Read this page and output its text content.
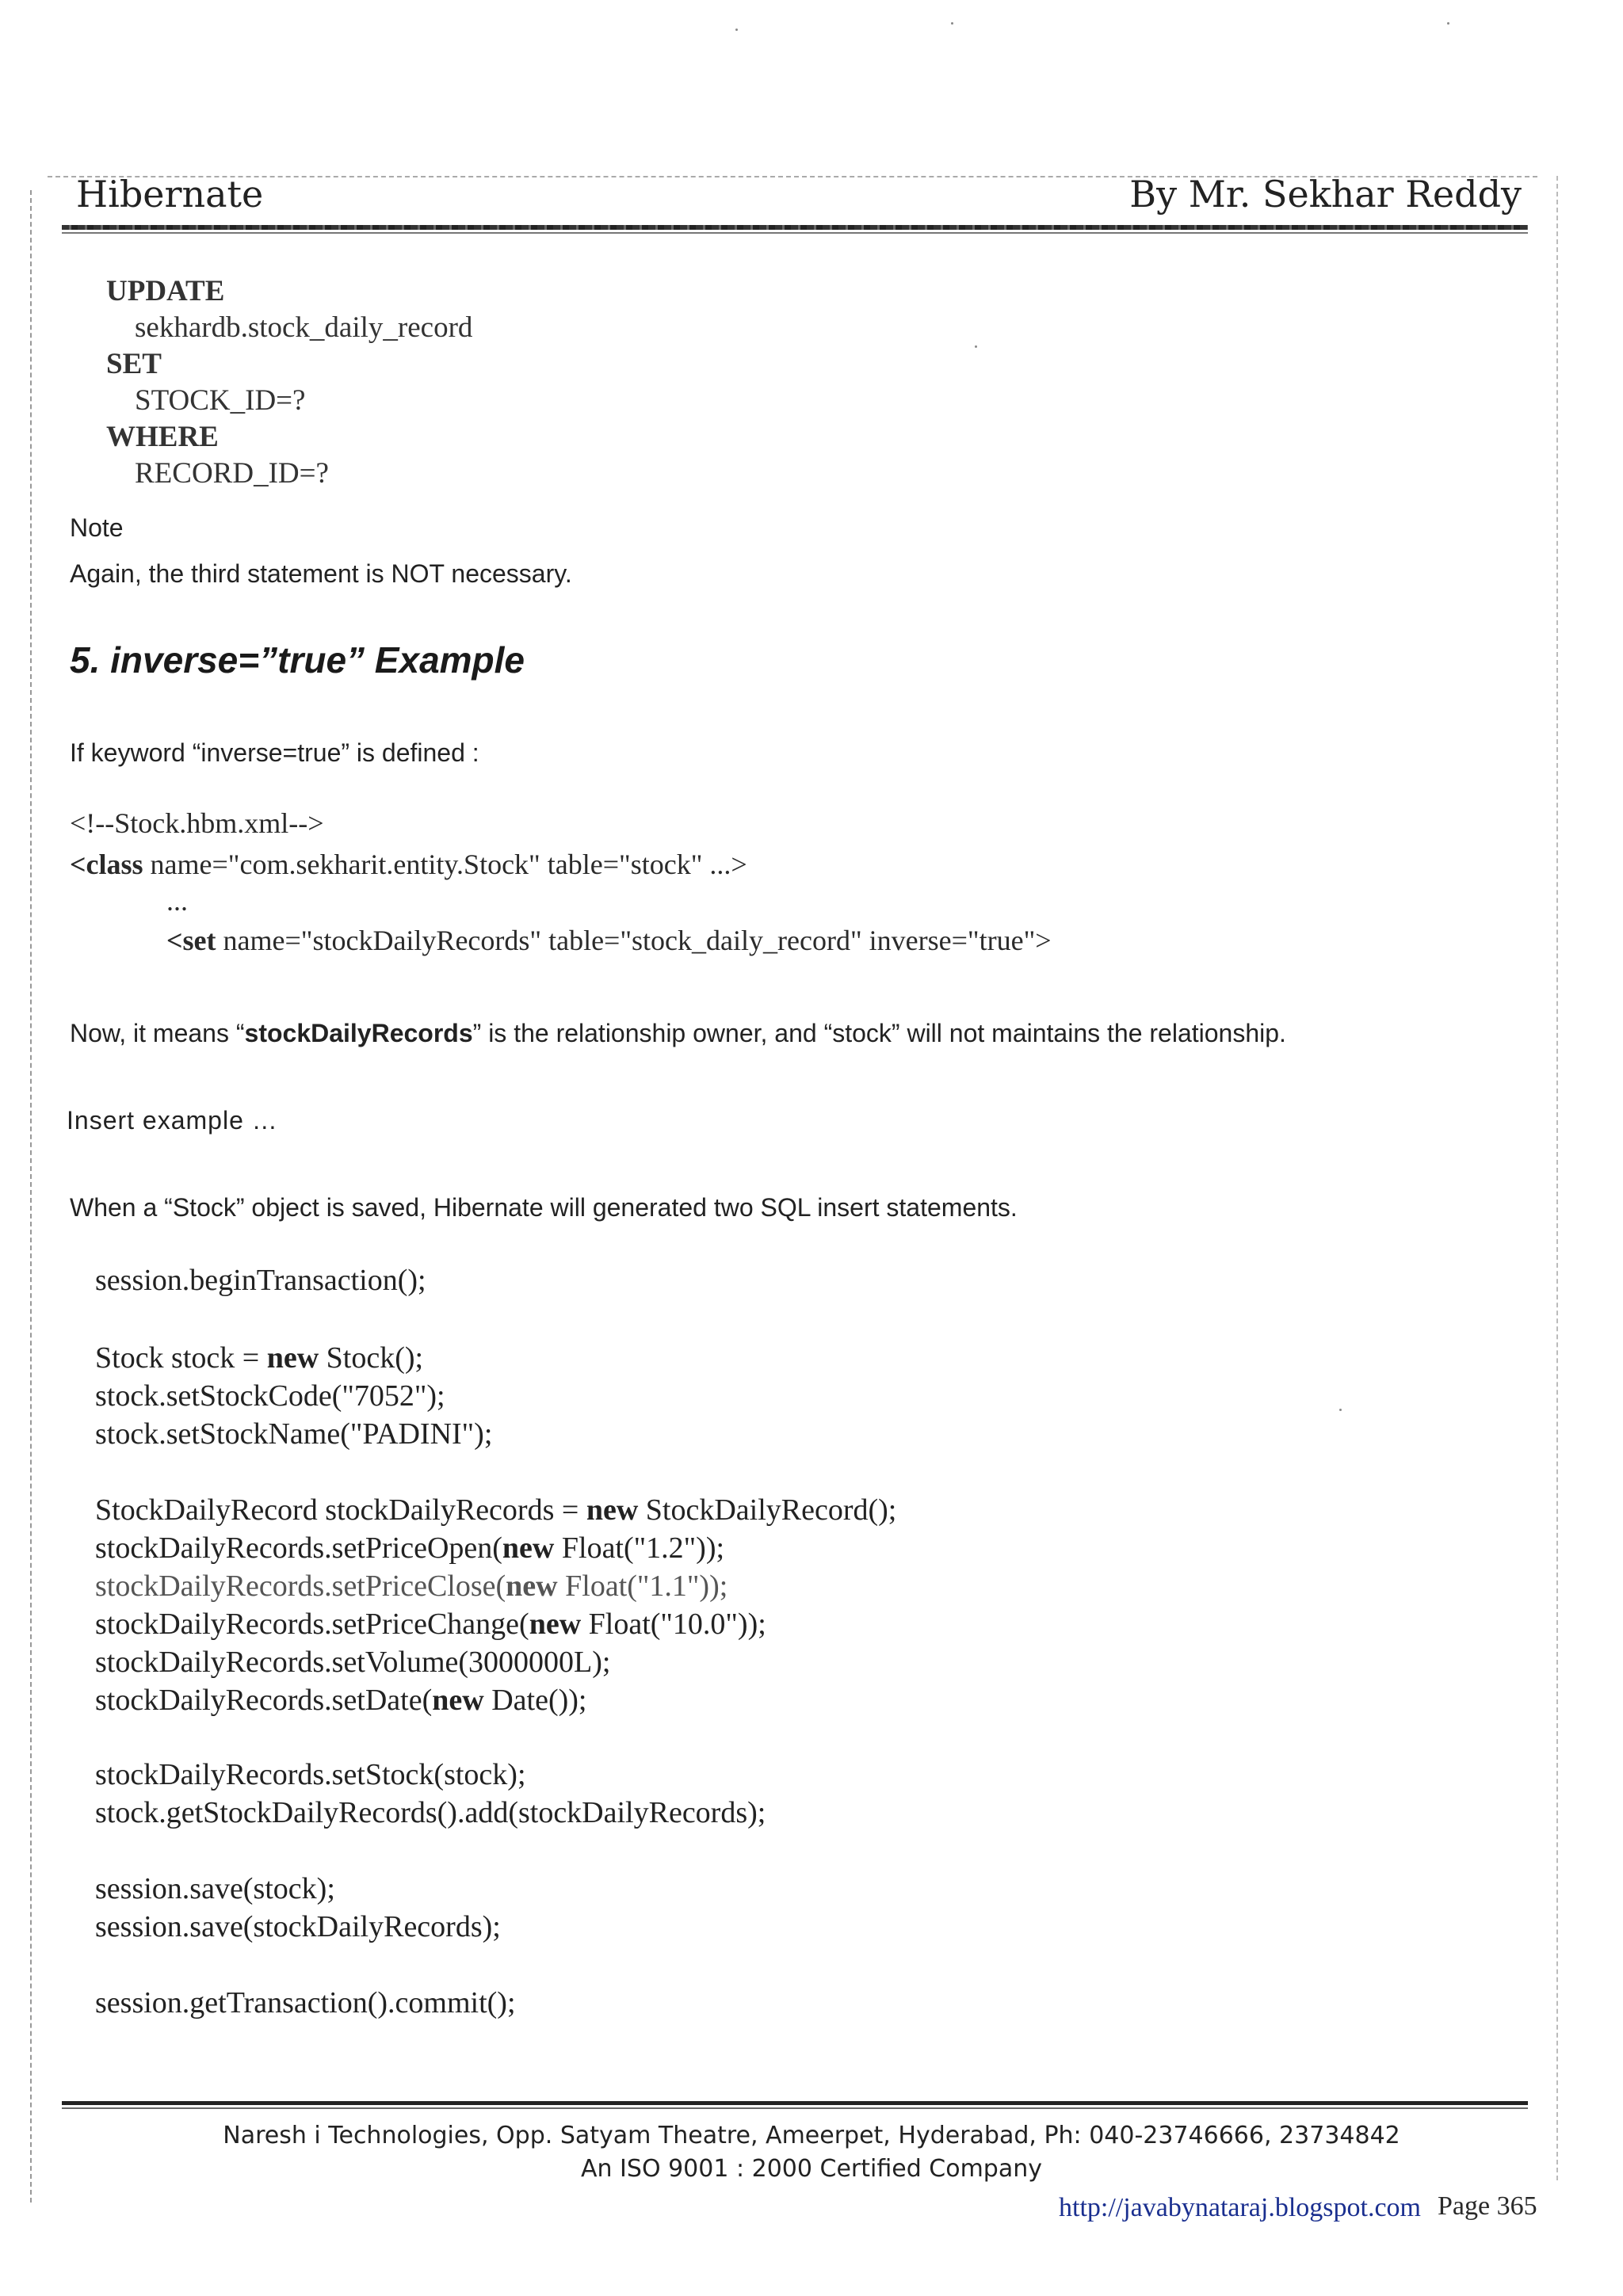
Hibernate	By Mr. Sekhar Reddy
UPDATE
sekhardb.stock_daily_record
SET
STOCK_ID=?
WHERE
RECORD_ID=?
Note
Again, the third statement is NOT necessary.
5. inverse=”true” Example
If keyword “inverse=true” is defined :
<!--Stock.hbm.xml-->
<class name="com.sekharit.entity.Stock" table="stock" ...>
...
<set name="stockDailyRecords" table="stock_daily_record" inverse="true">
Now, it means “stockDailyRecords” is the relationship owner, and “stock” will not maintains the relationship.
Insert example …
When a “Stock” object is saved, Hibernate will generated two SQL insert statements.
session.beginTransaction();
Stock stock = new Stock();
stock.setStockCode("7052");
stock.setStockName("PADINI");
StockDailyRecord stockDailyRecords = new StockDailyRecord();
stockDailyRecords.setPriceOpen(new Float("1.2"));
stockDailyRecords.setPriceClose(new Float("1.1"));
stockDailyRecords.setPriceChange(new Float("10.0"));
stockDailyRecords.setVolume(3000000L);
stockDailyRecords.setDate(new Date());
stockDailyRecords.setStock(stock);
stock.getStockDailyRecords().add(stockDailyRecords);
session.save(stock);
session.save(stockDailyRecords);
session.getTransaction().commit();
Naresh i Technologies, Opp. Satyam Theatre, Ameerpet, Hyderabad, Ph: 040-23746666, 23734842
An ISO 9001 : 2000 Certified Company
http://javabynataraj.blogspot.com Page 365
